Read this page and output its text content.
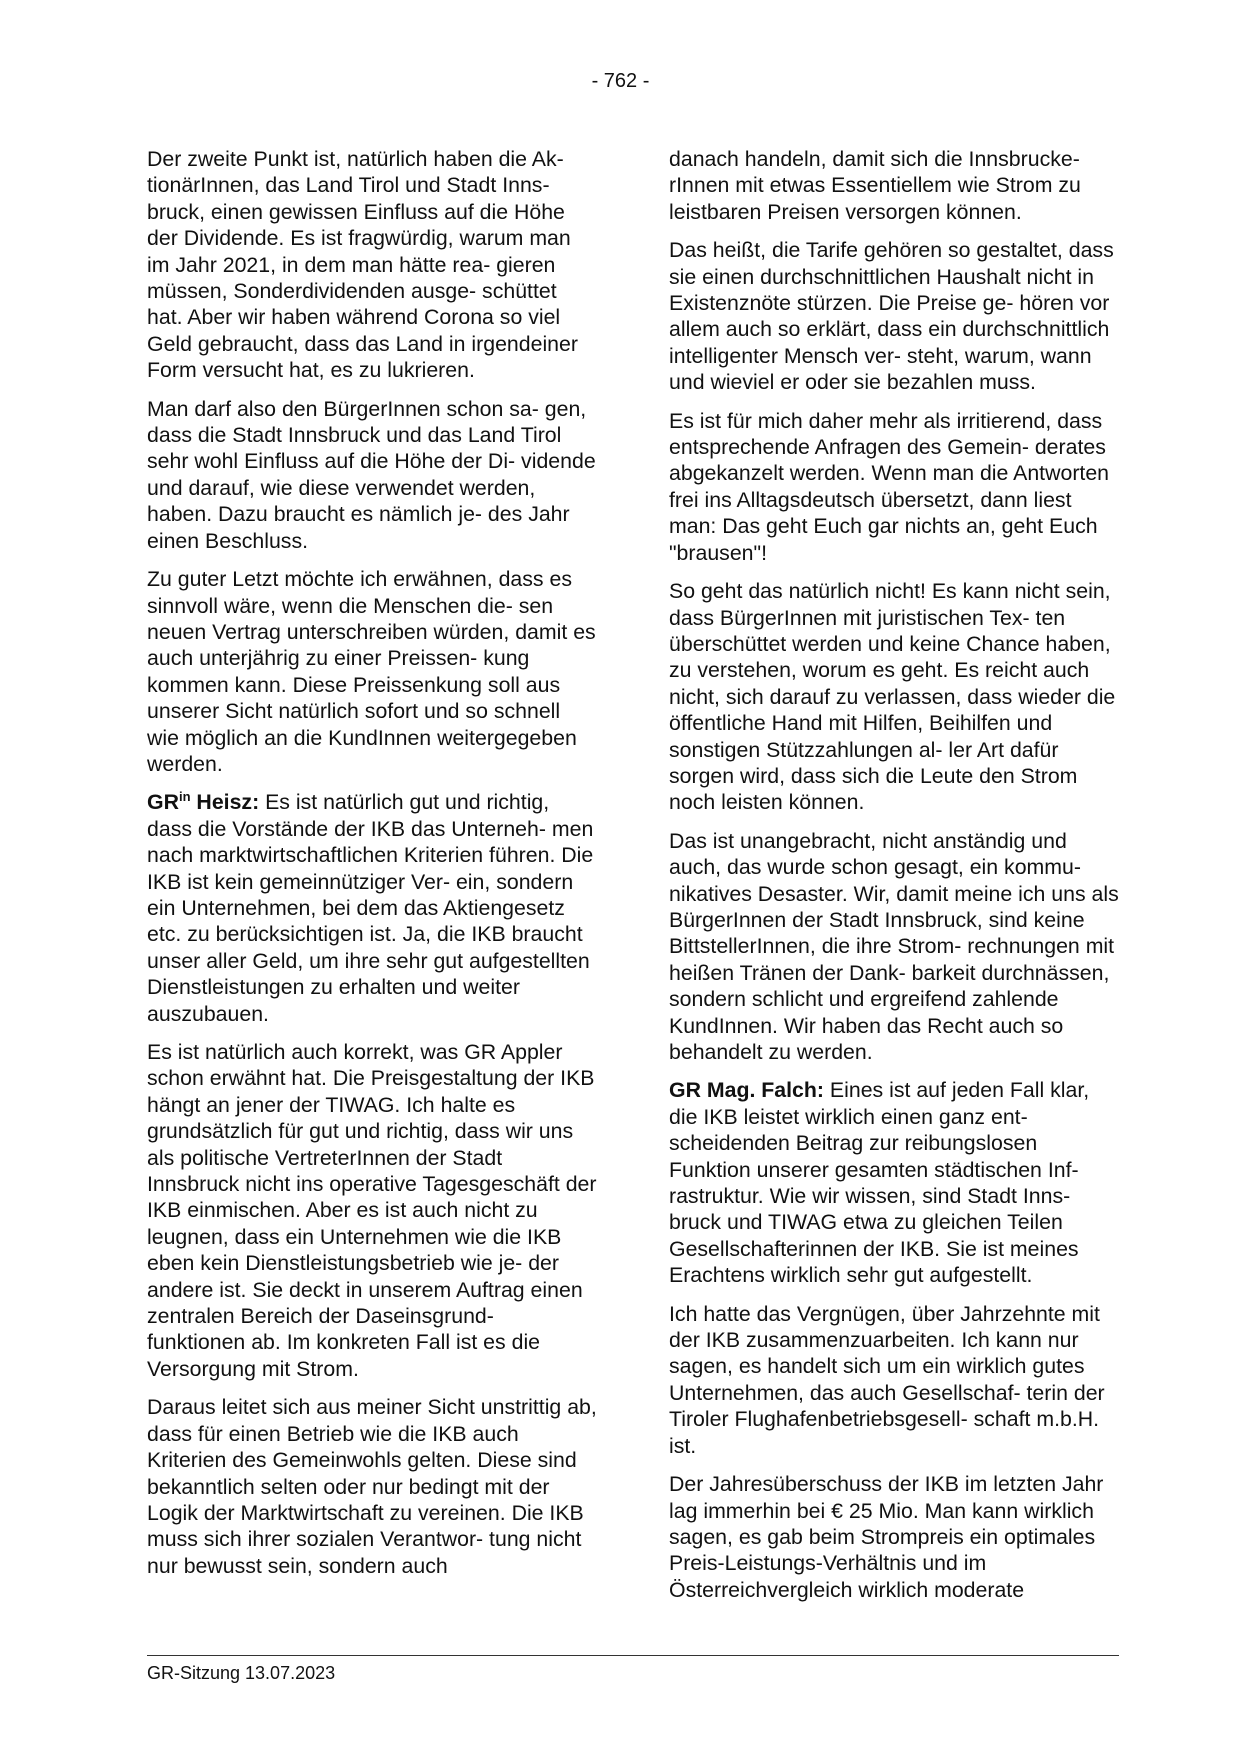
- 762 -

Der zweite Punkt ist, natürlich haben die Ak- tionärInnen, das Land Tirol und Stadt Inns- bruck, einen gewissen Einfluss auf die Höhe der Dividende. Es ist fragwürdig, warum man im Jahr 2021, in dem man hätte rea- gieren müssen, Sonderdividenden ausge- schüttet hat. Aber wir haben während Corona so viel Geld gebraucht, dass das Land in irgendeiner Form versucht hat, es zu lukrieren.

Man darf also den BürgerInnen schon sa- gen, dass die Stadt Innsbruck und das Land Tirol sehr wohl Einfluss auf die Höhe der Di- vidende und darauf, wie diese verwendet werden, haben. Dazu braucht es nämlich je- des Jahr einen Beschluss.

Zu guter Letzt möchte ich erwähnen, dass es sinnvoll wäre, wenn die Menschen die- sen neuen Vertrag unterschreiben würden, damit es auch unterjährig zu einer Preissen- kung kommen kann. Diese Preissenkung soll aus unserer Sicht natürlich sofort und so schnell wie möglich an die KundInnen weitergegeben werden.

$GR^{in}$ Heisz: Es ist natürlich gut und richtig, dass die Vorstände der IKB das Unterneh- men nach marktwirtschaftlichen Kriterien führen. Die IKB ist kein gemeinnütziger Ver- ein, sondern ein Unternehmen, bei dem das Aktiengesetz etc. zu berücksichtigen ist. Ja, die IKB braucht unser aller Geld, um ihre sehr gut aufgestellten Dienstleistungen zu erhalten und weiter auszubauen.

Es ist natürlich auch korrekt, was GR Appler schon erwähnt hat. Die Preisgestaltung der IKB hängt an jener der TIWAG. Ich halte es grundsätzlich für gut und richtig, dass wir uns als politische VertreterInnen der Stadt Innsbruck nicht ins operative Tagesgeschäft der IKB einmischen. Aber es ist auch nicht zu leugnen, dass ein Unternehmen wie die IKB eben kein Dienstleistungsbetrieb wie je- der andere ist. Sie deckt in unserem Auftrag einen zentralen Bereich der Daseinsgrund- funktionen ab. Im konkreten Fall ist es die Versorgung mit Strom.

Daraus leitet sich aus meiner Sicht unstrittig ab, dass für einen Betrieb wie die IKB auch Kriterien des Gemeinwohls gelten. Diese sind bekanntlich selten oder nur bedingt mit der Logik der Marktwirtschaft zu vereinen. Die IKB muss sich ihrer sozialen Verantwor- tung nicht nur bewusst sein, sondern auch

danach handeln, damit sich die Innsbrucke- rInnen mit etwas Essentiellem wie Strom zu leistbaren Preisen versorgen können.

Das heißt, die Tarife gehören so gestaltet, dass sie einen durchschnittlichen Haushalt nicht in Existenznöte stürzen. Die Preise ge- hören vor allem auch so erklärt, dass ein durchschnittlich intelligenter Mensch ver- steht, warum, wann und wieviel er oder sie bezahlen muss.

Es ist für mich daher mehr als irritierend, dass entsprechende Anfragen des Gemein- derates abgekanzelt werden. Wenn man die Antworten frei ins Alltagsdeutsch übersetzt, dann liest man: Das geht Euch gar nichts an, geht Euch "brausen"!

So geht das natürlich nicht! Es kann nicht sein, dass BürgerInnen mit juristischen Tex- ten überschüttet werden und keine Chance haben, zu verstehen, worum es geht. Es reicht auch nicht, sich darauf zu verlassen, dass wieder die öffentliche Hand mit Hilfen, Beihilfen und sonstigen Stützzahlungen al- ler Art dafür sorgen wird, dass sich die Leute den Strom noch leisten können.

Das ist unangebracht, nicht anständig und auch, das wurde schon gesagt, ein kommu- nikatives Desaster. Wir, damit meine ich uns als BürgerInnen der Stadt Innsbruck, sind keine BittstellerInnen, die ihre Strom- rechnungen mit heißen Tränen der Dank- barkeit durchnässen, sondern schlicht und ergreifend zahlende KundInnen. Wir haben das Recht auch so behandelt zu werden.

GR Mag. Falch: Eines ist auf jeden Fall klar, die IKB leistet wirklich einen ganz ent- scheidenden Beitrag zur reibungslosen Funktion unserer gesamten städtischen Inf- rastruktur. Wie wir wissen, sind Stadt Inns- bruck und TIWAG etwa zu gleichen Teilen Gesellschafterinnen der IKB. Sie ist meines Erachtens wirklich sehr gut aufgestellt.

Ich hatte das Vergnügen, über Jahrzehnte mit der IKB zusammenzuarbeiten. Ich kann nur sagen, es handelt sich um ein wirklich gutes Unternehmen, das auch Gesellschaf- terin der Tiroler Flughafenbetriebsgesell- schaft m.b.H. ist.

Der Jahresüberschuss der IKB im letzten Jahr lag immerhin bei € 25 Mio. Man kann wirklich sagen, es gab beim Strompreis ein optimales Preis-Leistungs-Verhältnis und im Österreichvergleich wirklich moderate

GR-Sitzung 13.07.2023
